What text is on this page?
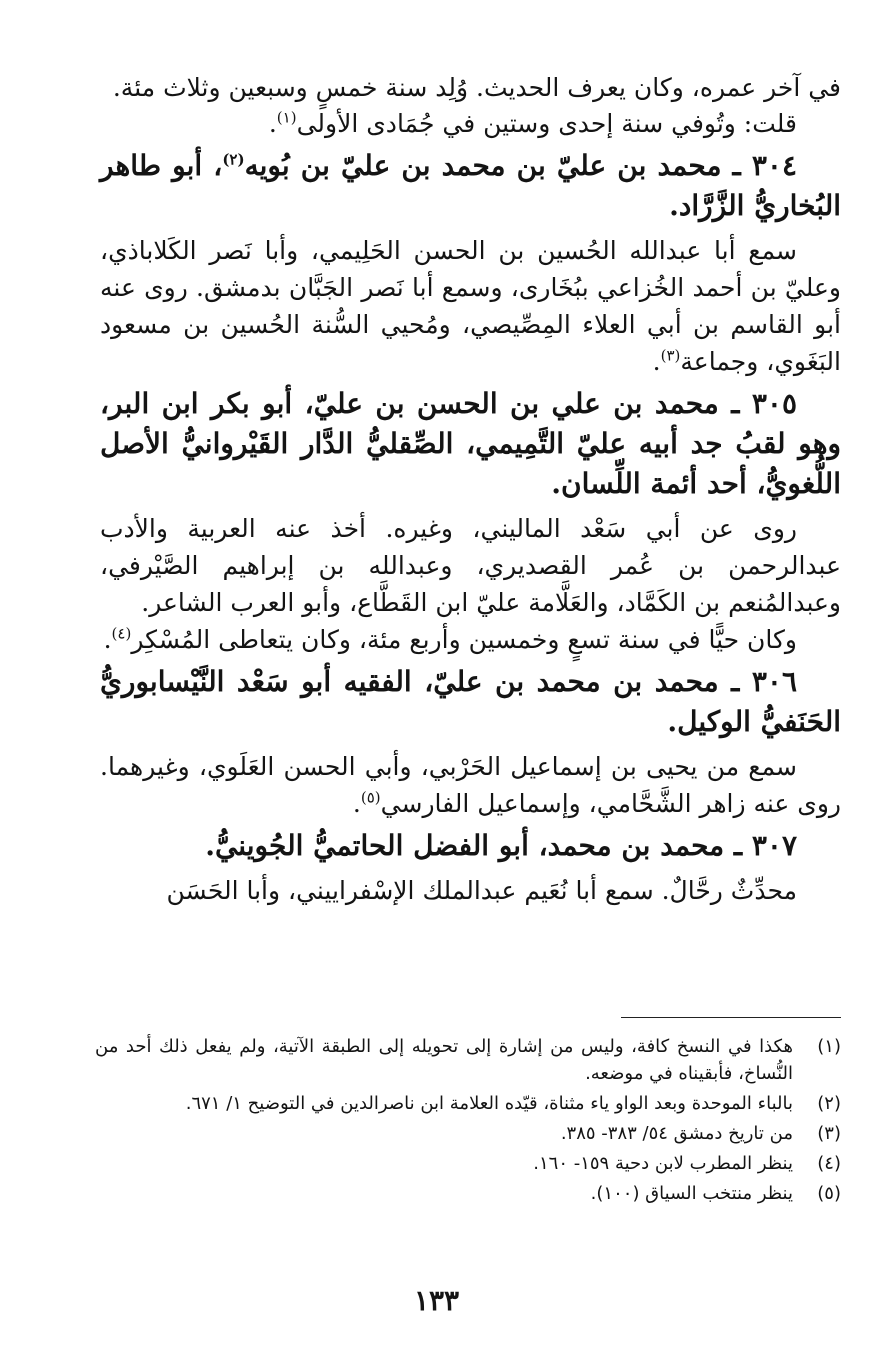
في آخر عمره، وكان يعرف الحديث. وُلِد سنة خمسٍ وسبعين وثلاث مئة.

قلت: وتُوفي سنة إحدى وستين في جُمَادى الأولى$^{(١)}$.

٣٠٤ ـ محمد بن عليّ بن محمد بن عليّ بن بُويه$^{(٢)}$، أبو طاهر البُخاريُّ الزَّرَّاد.

سمع أبا عبدالله الحُسين بن الحسن الحَلِيمي، وأبا نَصر الكَلاباذي، وعليّ بن أحمد الخُزاعي ببُخَارى، وسمع أبا نَصر الجَبَّان بدمشق. روى عنه أبو القاسم بن أبي العلاء المِصِّيصي، ومُحيي السُّنة الحُسين بن مسعود البَغَوي، وجماعة$^{(٣)}$.

٣٠٥ ـ محمد بن علي بن الحسن بن عليّ، أبو بكر ابن البر، وهو لقبُ جد أبيه عليّ التَّمِيمي، الصِّقليُّ الدَّار القَيْروانيُّ الأصل اللُّغويُّ، أحد أئمة اللِّسان.

روى عن أبي سَعْد الماليني، وغيره. أخذ عنه العربية والأدب عبدالرحمن بن عُمر القصديري، وعبدالله بن إبراهيم الصَّيْرفي، وعبدالمُنعم بن الكَمَّاد، والعَلَّامة عليّ ابن القَطَّاع، وأبو العرب الشاعر.

وكان حيًّا في سنة تسعٍ وخمسين وأربع مئة، وكان يتعاطى المُسْكِر$^{(٤)}$.

٣٠٦ ـ محمد بن محمد بن عليّ، الفقيه أبو سَعْد النَّيْسابوريُّ الحَنَفيُّ الوكيل.

سمع من يحيى بن إسماعيل الحَرْبي، وأبي الحسن العَلَوي، وغيرهما. روى عنه زاهر الشَّحَّامي، وإسماعيل الفارسي$^{(٥)}$.

٣٠٧ ـ محمد بن محمد، أبو الفضل الحاتميُّ الجُوينيُّ.

محدِّثٌ رحَّالٌ. سمع أبا نُعَيم عبدالملك الإسْفراييني، وأبا الحَسَن

(١)
هكذا في النسخ كافة، وليس من إشارة إلى تحويله إلى الطبقة الآتية، ولم يفعل ذلك أحد من النُّساخ، فأبقيناه في موضعه.
(٢)
بالباء الموحدة وبعد الواو ياء مثناة، قيّده العلامة ابن ناصرالدين في التوضيح ١/ ٦٧١.
(٣)
من تاريخ دمشق ٥٤/ ٣٨٣- ٣٨٥.
(٤)
ينظر المطرب لابن دحية ١٥٩- ١٦٠.
(٥)
ينظر منتخب السياق (١٠٠).
١٣٣
